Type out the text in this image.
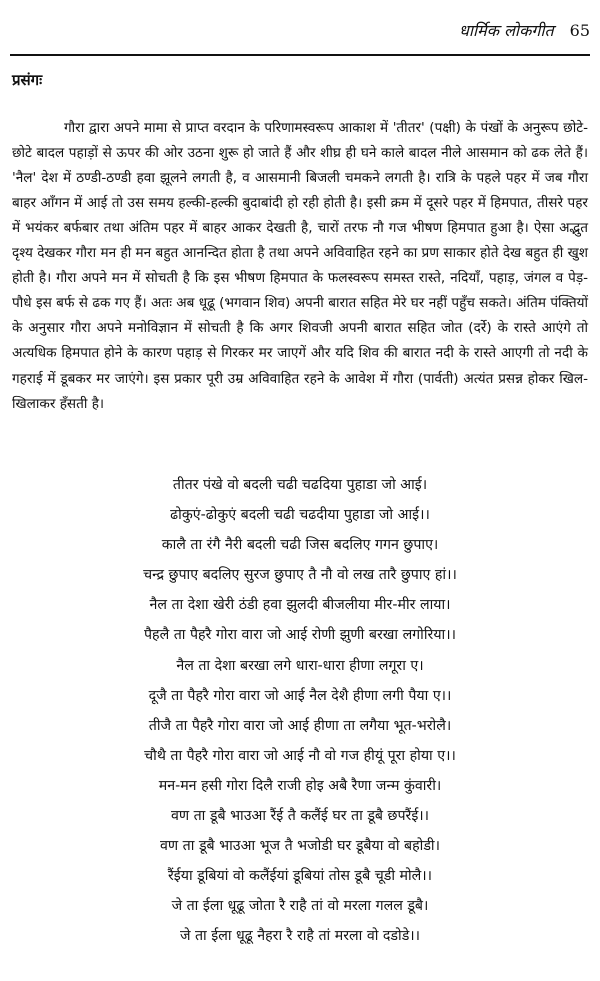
धार्मिक लोकगीत 65
प्रसंगः

गौरा द्वारा अपने मामा से प्राप्त वरदान के परिणामस्वरूप आकाश में 'तीतर' (पक्षी) के पंखों के अनुरूप छोटे-छोटे बादल पहाड़ों से ऊपर की ओर उठना शुरू हो जाते हैं और शीघ्र ही घने काले बादल नीले आसमान को ढक लेते हैं। 'नैल' देश में ठण्डी-ठण्डी हवा झूलने लगती है, व आसमानी बिजली चमकने लगती है। रात्रि के पहले पहर में जब गौरा बाहर आँगन में आई तो उस समय हल्की-हल्की बुदाबांदी हो रही होती है। इसी क्रम में दूसरे पहर में हिमपात, तीसरे पहर में भयंकर बर्फबार तथा अंतिम पहर में बाहर आकर देखती है, चारों तरफ नौ गज भीषण हिमपात हुआ है। ऐसा अद्भुत दृश्य देखकर गौरा मन ही मन बहुत आनन्दित होता है तथा अपने अविवाहित रहने का प्रण साकार होते देख बहुत ही खुश होती है। गौरा अपने मन में सोचती है कि इस भीषण हिमपात के फलस्वरूप समस्त रास्ते, नदियाँ, पहाड़, जंगल व पेड़-पौधे इस बर्फ से ढक गए हैं। अतः अब धूढू (भगवान शिव) अपनी बारात सहित मेरे घर नहीं पहुँच सकते। अंतिम पंक्तियों के अनुसार गौरा अपने मनोविज्ञान में सोचती है कि अगर शिवजी अपनी बारात सहित जोत (दर्रे) के रास्ते आएंगे तो अत्यधिक हिमपात होने के कारण पहाड़ से गिरकर मर जाएगें और यदि शिव की बारात नदी के रास्ते आएगी तो नदी के गहराई में डूबकर मर जाएंगे। इस प्रकार पूरी उम्र अविवाहित रहने के आवेश में गौरा (पार्वती) अत्यंत प्रसन्न होकर खिल-खिलाकर हँसती है।

तीतर पंखे वो बदली चढी चढदिया पुहाडा जो आई।
ढोकुएं-ढोकुएं बदली चढी चढदीया पुहाडा जो आई।।
कालै ता रंगै नैरी बदली चढी जिस बदलिए गगन छुपाए।
चन्द्र छुपाए बदलिए सुरज छुपाए तै नौ वो लख तारै छुपाए हां।।
नैल ता देशा खेरी ठंडी हवा झुलदी बीजलीया मीर-मीर लाया।
पैहलै ता पैहरै गोरा वारा जो आई रोणी झुणी बरखा लगोरिया।।
नैल ता देशा बरखा लगे धारा-धारा हीणा लगूरा ए।
दूजै ता पैहरै गोरा वारा जो आई नैल देशै हीणा लगी पैया ए।।
तीजै ता पैहरै गोरा वारा जो आई हीणा ता लगैया भूत-भरोलै।
चौथै ता पैहरै गोरा वारा जो आई नौ वो गज हीयूं पूरा होया ए।।
मन-मन हसी गोरा दिलै राजी होइ अबै रैणा जन्म कुंवारी।
वण ता डूबै भाउआ रैंई तै कलैंई घर ता डूबै छपरैंई।।
वण ता डूबै भाउआ भूज तै भजोडी घर डूबैया वो बहोडी।
रैंईया डूबियां वो कलैंईयां डूबियां तोस डूबै चूडी मोलै।।
जे ता ईला धूढू जोता रै राहै तां वो मरला गलल डूबै।
जे ता ईला धूढू नैहरा रै राहै तां मरला वो दडोडे।।
